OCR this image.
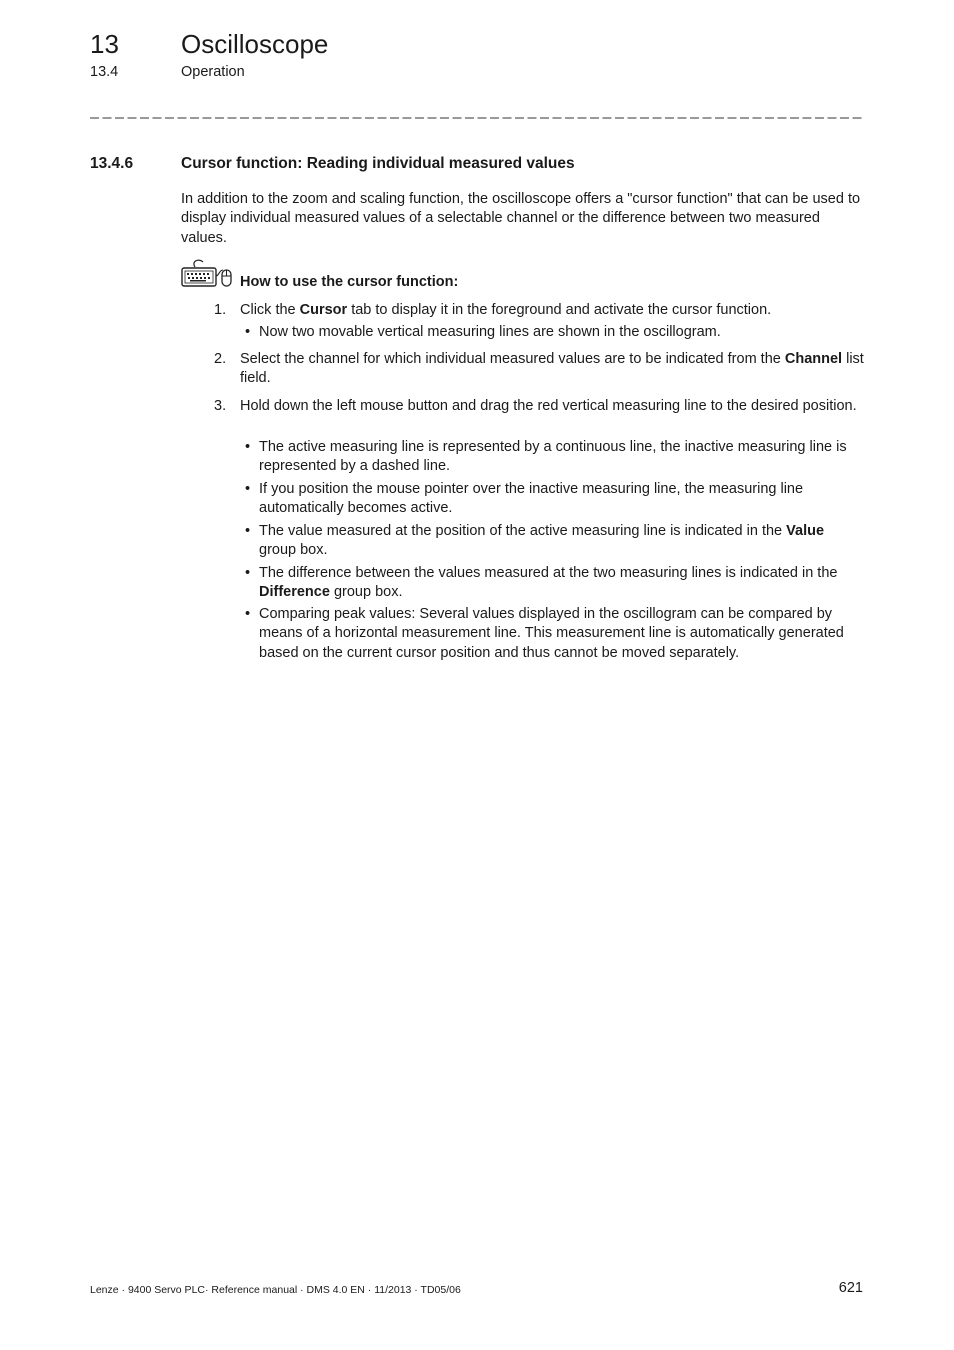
13 Oscilloscope
13.4	Operation
13.4.6	Cursor function: Reading individual measured values
In addition to the zoom and scaling function, the oscilloscope offers a "cursor function" that can be used to display individual measured values of a selectable channel or the difference between two measured values.
How to use the cursor function:
1. Click the Cursor tab to display it in the foreground and activate the cursor function.
• Now two movable vertical measuring lines are shown in the oscillogram.
2. Select the channel for which individual measured values are to be indicated from the Channel list field.
3. Hold down the left mouse button and drag the red vertical measuring line to the desired position.
• The active measuring line is represented by a continuous line, the inactive measuring line is represented by a dashed line.
• If you position the mouse pointer over the inactive measuring line, the measuring line automatically becomes active.
• The value measured at the position of the active measuring line is indicated in the Value group box.
• The difference between the values measured at the two measuring lines is indicated in the Difference group box.
• Comparing peak values: Several values displayed in the oscillogram can be compared by means of a horizontal measurement line. This measurement line is automatically generated based on the current cursor position and thus cannot be moved separately.
Lenze · 9400 Servo PLC· Reference manual · DMS 4.0 EN · 11/2013 · TD05/06	621
